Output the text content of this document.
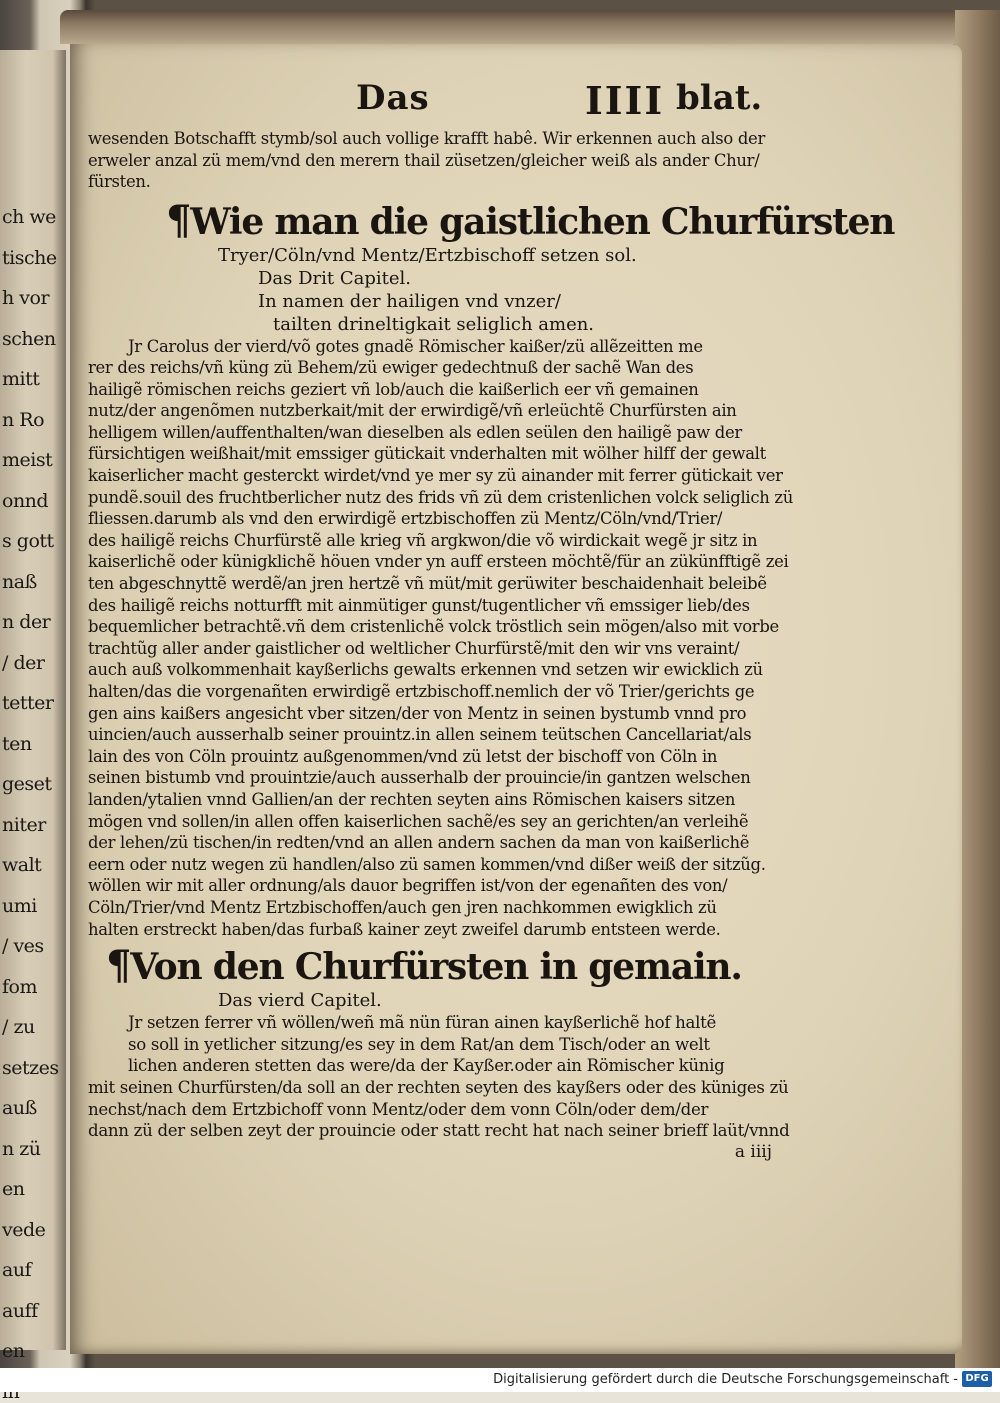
ch we
tische
h vor
schen
mitt
n Ro
meist
onnd
s gott
naß
n der
/ der
tetter
ten
geset
niter
walt
umi
/ ves
fom
/ zu
setzes
auß
n zü
en
vede
auf
auff
en
Das	IIII blat.
wesenden Botschafft stymb/sol auch vollige krafft habê. Wir erkennen auch also der
erweler anzal zü mem/vnd den merern thail züsetzen/gleicher weiß als ander Chur/
fürsten.
¶Wie man die gaistlichen Churfürsten
Tryer/Cöln/vnd Mentz/Ertzbischoff setzen sol.
Das Drit Capitel.
In namen der hailigen vnd vnzer/
tailten drineltigkait seliglich amen.
Jr Carolus der vierd/võ gotes gnadẽ Römischer kaißer/zü allẽzeitten me
rer des reichs/vñ küng zü Behem/zü ewiger gedechtnuß der sachẽ Wan des
hailigẽ römischen reichs geziert vñ lob/auch die kaißerlich eer vñ gemainen
nutz/der angenõmen nutzberkait/mit der erwirdigẽ/vñ erleüchtẽ Churfürsten ain
helligem willen/auffenthalten/wan dieselben als edlen seülen den hailigẽ paw der
fürsichtigen weißhait/mit emssiger gütickait vnderhalten mit wölher hilff der gewalt
kaiserlicher macht gesterckt wirdet/vnd ye mer sy zü ainander mit ferrer gütickait ver
pundẽ.souil des fruchtberlicher nutz des frids vñ zü dem cristenlichen volck seliglich zü
fliessen.darumb als vnd den erwirdigẽ ertzbischoffen zü Mentz/Cöln/vnd/Trier/
des hailigẽ reichs Churfürstẽ alle krieg vñ argkwon/die võ wirdickait wegẽ jr sitz in
kaiserlichẽ oder künigklichẽ höuen vnder yn auff ersteen möchtẽ/für an zükünfftigẽ zei
ten abgeschnyttẽ werdẽ/an jren hertzẽ vñ müt/mit gerüwiter beschaidenhait beleibẽ
des hailigẽ reichs notturfft mit ainmütiger gunst/tugentlicher vñ emssiger lieb/des
bequemlicher betrachtẽ.vñ dem cristenlichẽ volck tröstlich sein mögen/also mit vorbe
trachtũg aller ander gaistlicher od weltlicher Churfürstẽ/mit den wir vns veraint/
auch auß volkommenhait kayßerlichs gewalts erkennen vnd setzen wir ewicklich zü
halten/das die vorgenañten erwirdigẽ ertzbischoff.nemlich der võ Trier/gerichts ge
gen ains kaißers angesicht vber sitzen/der von Mentz in seinen bystumb vnnd pro
uincien/auch ausserhalb seiner prouintz.in allen seinem teütschen Cancellariat/als
lain des von Cöln prouintz außgenommen/vnd zü letst der bischoff von Cöln in
seinen bistumb vnd prouintzie/auch ausserhalb der prouincie/in gantzen welschen
landen/ytalien vnnd Gallien/an der rechten seyten ains Römischen kaisers sitzen
mögen vnd sollen/in allen offen kaiserlichen sachẽ/es sey an gerichten/an verleihẽ
der lehen/zü tischen/in redten/vnd an allen andern sachen da man von kaißerlichẽ
eern oder nutz wegen zü handlen/also zü samen kommen/vnd dißer weiß der sitzũg.
wöllen wir mit aller ordnung/als dauor begriffen ist/von der egenañten des von/
Cöln/Trier/vnd Mentz Ertzbischoffen/auch gen jren nachkommen ewigklich zü
halten erstreckt haben/das furbaß kainer zeyt zweifel darumb entsteen werde.
¶Von den Churfürsten in gemain.
Das vierd Capitel.
Jr setzen ferrer vñ wöllen/weñ mã nün füran ainen kayßerlichẽ hof haltẽ
so soll in yetlicher sitzung/es sey in dem Rat/an dem Tisch/oder an welt
lichen anderen stetten das were/da der Kayßer.oder ain Römischer künig
mit seinen Churfürsten/da soll an der rechten seyten des kayßers oder des küniges zü
nechst/nach dem Ertzbichoff vonn Mentz/oder dem vonn Cöln/oder dem/der
dann zü der selben zeyt der prouincie oder statt recht hat nach seiner brieff laüt/vnnd
a iiij
Digitalisierung gefördert durch die Deutsche Forschungsgemeinschaft - DFG
